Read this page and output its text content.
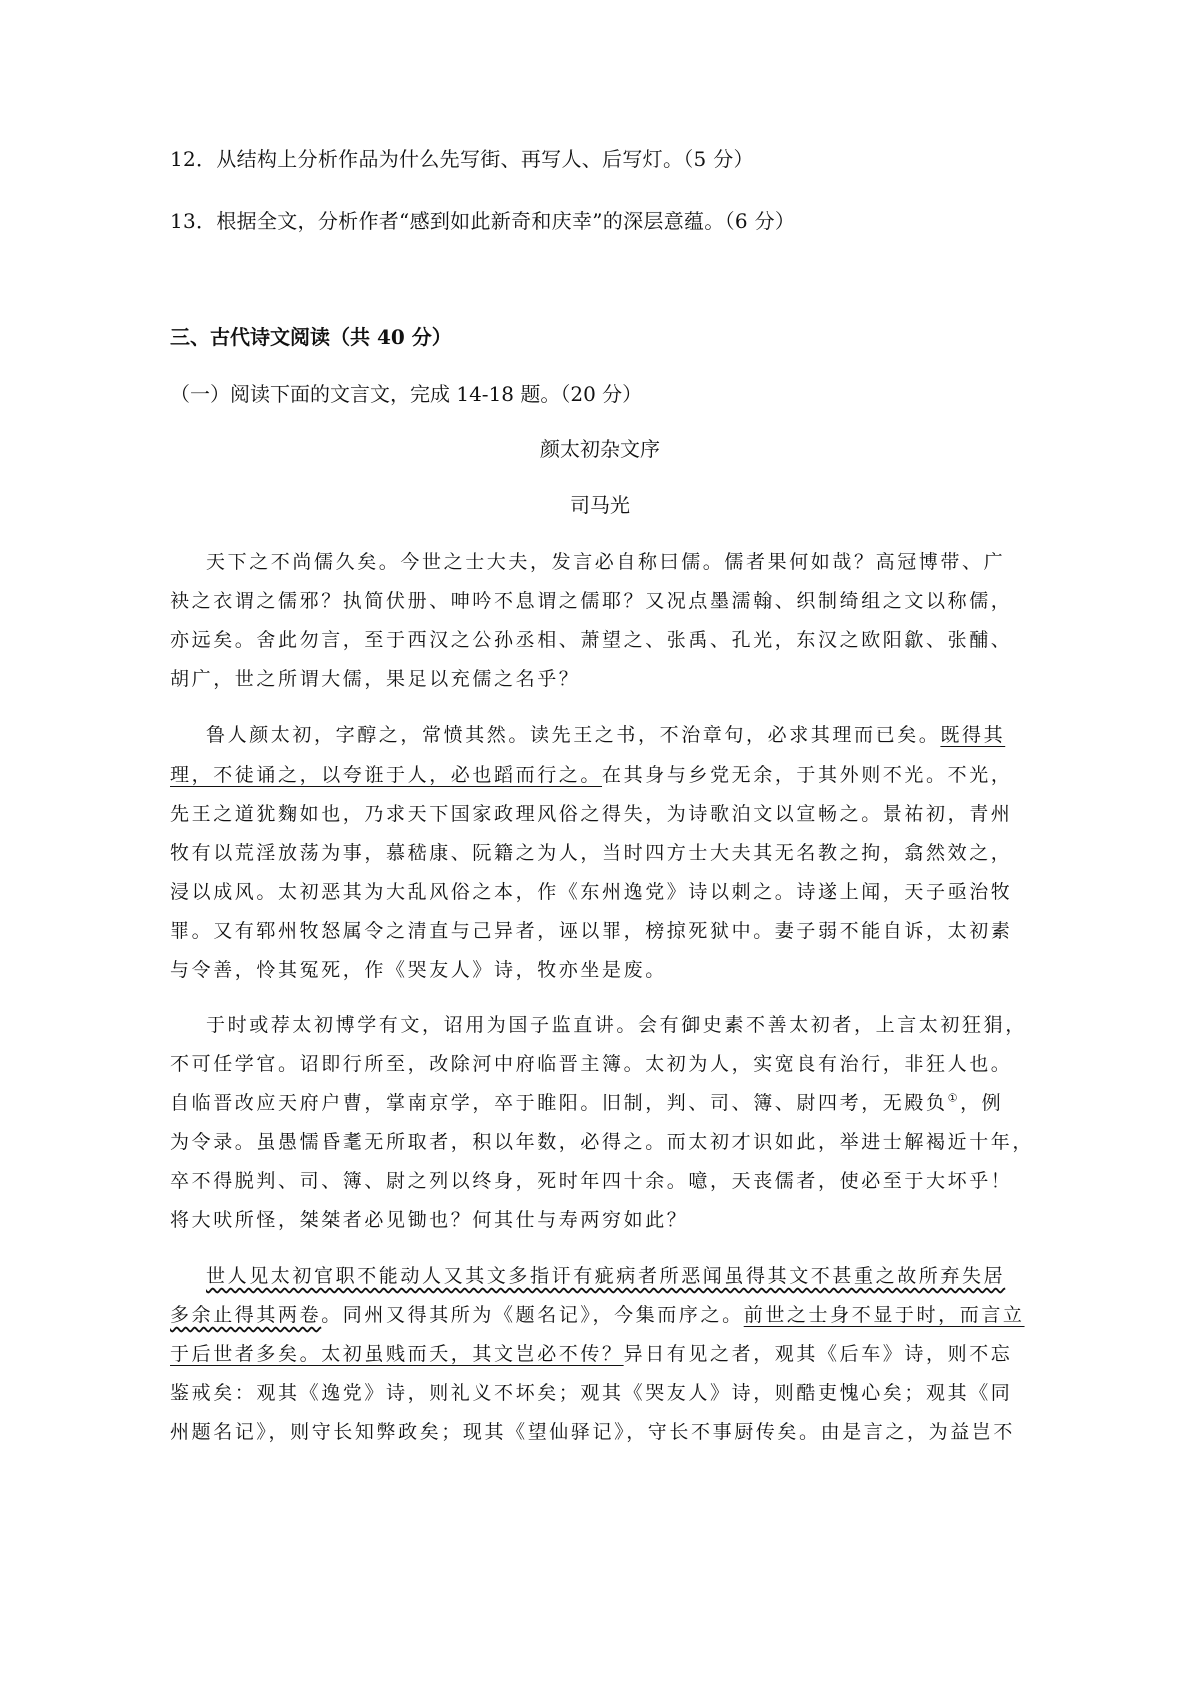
12．从结构上分析作品为什么先写街、再写人、后写灯。（5 分）
13．根据全文，分析作者“感到如此新奇和庆幸”的深层意蕴。（6 分）
三、古代诗文阅读（共 40 分）
（一）阅读下面的文言文，完成 14-18 题。（20 分）
颜太初杂文序
司马光
天下之不尚儒久矣。今世之士大夫，发言必自称曰儒。儒者果何如哉？高冠博带、广
袂之衣谓之儒邪？执简伏册、呻吟不息谓之儒耶？又况点墨濡翰、织制绮组之文以称儒，
亦远矣。舍此勿言，至于西汉之公孙丞相、萧望之、张禹、孔光，东汉之欧阳歙、张酺、
胡广，世之所谓大儒，果足以充儒之名乎？
鲁人颜太初，字醇之，常愤其然。读先王之书，不治章句，必求其理而已矣。既得其
理，不徒诵之，以夸诳于人，必也蹈而行之。在其身与乡党无余，于其外则不光。不光，
先王之道犹麴如也，乃求天下国家政理风俗之得失，为诗歌泊文以宣畅之。景祐初，青州
牧有以荒淫放荡为事，慕嵇康、阮籍之为人，当时四方士大夫其无名教之拘，翕然效之，
浸以成风。太初恶其为大乱风俗之本，作《东州逸党》诗以刺之。诗遂上闻，天子亟治牧
罪。又有郓州牧怒属令之清直与己异者，诬以罪，榜掠死狱中。妻子弱不能自诉，太初素
与令善，怜其冤死，作《哭友人》诗，牧亦坐是废。
于时或荐太初博学有文，诏用为国子监直讲。会有御史素不善太初者，上言太初狂狷，
不可任学官。诏即行所至，改除河中府临晋主簿。太初为人，实宽良有治行，非狂人也。
自临晋改应天府户曹，掌南京学，卒于睢阳。旧制，判、司、簿、尉四考，无殿负①，例
为令录。虽愚懦昏耄无所取者，积以年数，必得之。而太初才识如此，举进士解褐近十年，
卒不得脱判、司、簿、尉之列以终身，死时年四十余。噫，天丧儒者，使必至于大坏乎！
将大吠所怪，桀桀者必见锄也？何其仕与寿两穷如此？
世人见太初官职不能动人又其文多指讦有疵病者所恶闻虽得其文不甚重之故所弃失居
多余止得其两卷。同州又得其所为《题名记》，今集而序之。前世之士身不显于时，而言立
于后世者多矣。太初虽贱而夭，其文岂必不传？异日有见之者，观其《后车》诗，则不忘
鉴戒矣：观其《逸党》诗，则礼义不坏矣；观其《哭友人》诗，则酷吏愧心矣；观其《同
州题名记》，则守长知弊政矣；现其《望仙驿记》，守长不事厨传矣。由是言之，为益岂不
